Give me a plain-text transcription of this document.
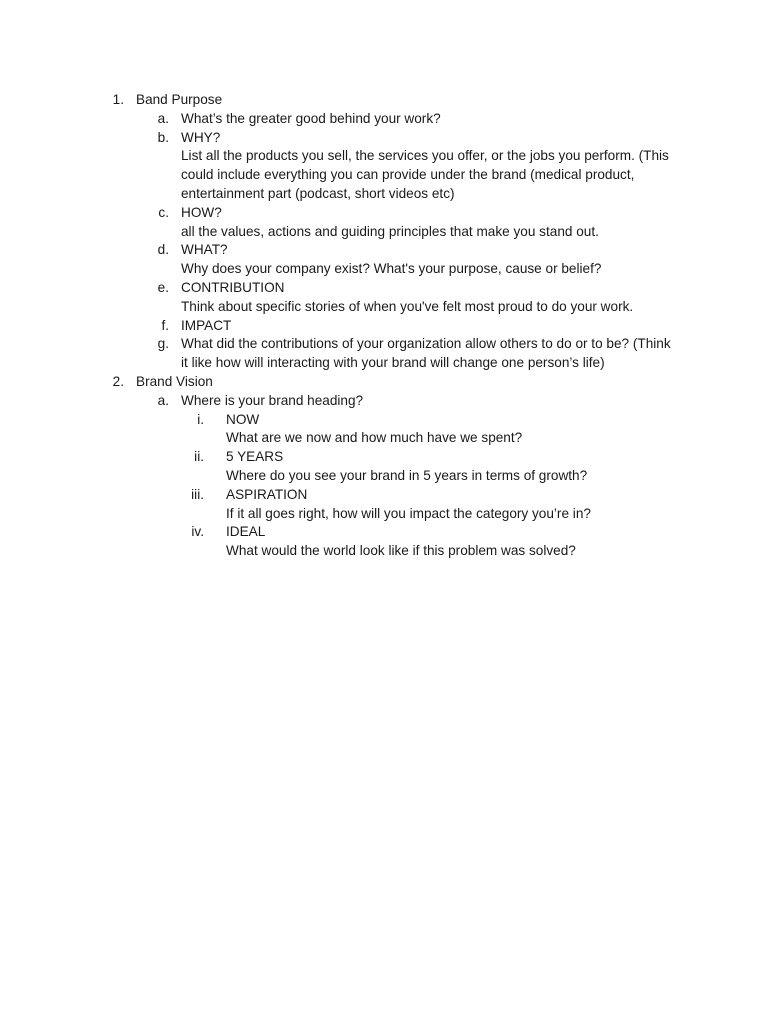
1. Band Purpose
a. What’s the greater good behind your work?
b. WHY?
List all the products you sell, the services you offer, or the jobs you perform. (This could include everything you can provide under the brand (medical product, entertainment part (podcast, short videos etc)
c. HOW?
all the values, actions and guiding principles that make you stand out.
d. WHAT?
Why does your company exist? What's your purpose, cause or belief?
e. CONTRIBUTION
Think about specific stories of when you've felt most proud to do your work.
f. IMPACT
g. What did the contributions of your organization allow others to do or to be? (Think it like how will interacting with your brand will change one person’s life)
2. Brand Vision
a. Where is your brand heading?
i. NOW
What are we now and how much have we spent?
ii. 5 YEARS
Where do you see your brand in 5 years in terms of growth?
iii. ASPIRATION
If it all goes right, how will you impact the category you’re in?
iv. IDEAL
What would the world look like if this problem was solved?
